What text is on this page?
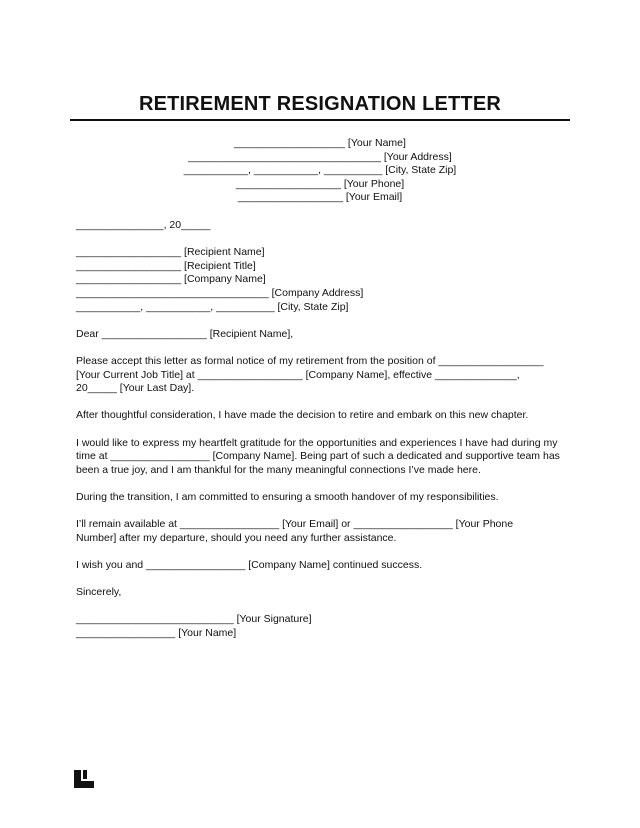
RETIREMENT RESIGNATION LETTER
___________________ [Your Name]
_________________________________ [Your Address]
___________, ___________, __________ [City, State Zip]
__________________ [Your Phone]
__________________ [Your Email]
_______________, 20_____
__________________ [Recipient Name]
__________________ [Recipient Title]
__________________ [Company Name]
_________________________________ [Company Address]
___________, ___________, __________ [City, State Zip]
Dear __________________ [Recipient Name],
Please accept this letter as formal notice of my retirement from the position of __________________
[Your Current Job Title] at __________________ [Company Name], effective ______________,
20_____ [Your Last Day].
After thoughtful consideration, I have made the decision to retire and embark on this new chapter.
I would like to express my heartfelt gratitude for the opportunities and experiences I have had during my
time at _________________ [Company Name]. Being part of such a dedicated and supportive team has
been a true joy, and I am thankful for the many meaningful connections I’ve made here.
During the transition, I am committed to ensuring a smooth handover of my responsibilities.
I’ll remain available at _________________ [Your Email] or _________________ [Your Phone
Number] after my departure, should you need any further assistance.
I wish you and _________________ [Company Name] continued success.
Sincerely,
___________________________ [Your Signature]
_________________ [Your Name]
